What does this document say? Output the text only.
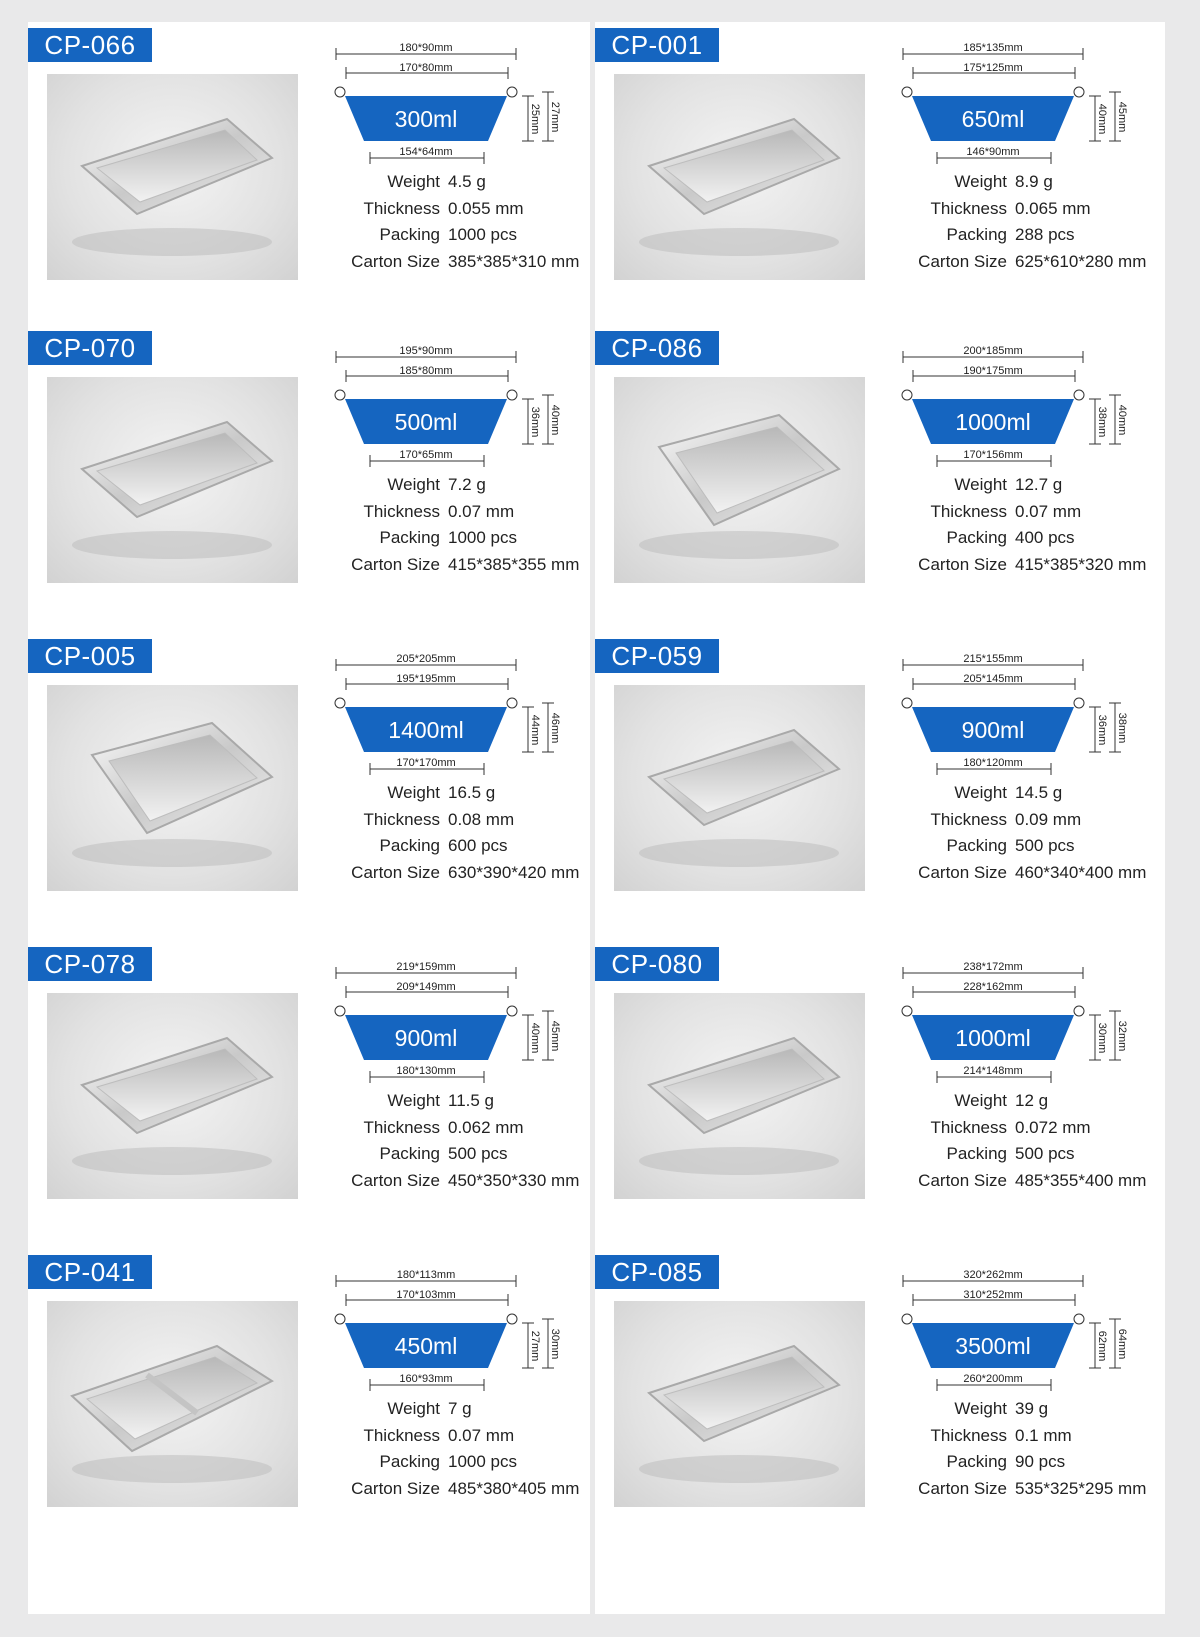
CP-066	180*90mm
170*80mm
300ml
154*64mm
25mm 27mm
Weight 4.5 g
Thickness 0.055 mm
Packing 1000 pcs
Carton Size 385*385*310 mm
CP-001	185*135mm
175*125mm
650ml
146*90mm
40mm 45mm
Weight 8.9 g
Thickness 0.065 mm
Packing 288 pcs
Carton Size 625*610*280 mm
CP-070	195*90mm
185*80mm
500ml
170*65mm
36mm 40mm
Weight 7.2 g
Thickness 0.07 mm
Packing 1000 pcs
Carton Size 415*385*355 mm
CP-086	200*185mm
190*175mm
1000ml
170*156mm
38mm 40mm
Weight 12.7 g
Thickness 0.07 mm
Packing 400 pcs
Carton Size 415*385*320 mm
CP-005	205*205mm
195*195mm
1400ml
170*170mm
44mm 46mm
Weight 16.5 g
Thickness 0.08 mm
Packing 600 pcs
Carton Size 630*390*420 mm
CP-059	215*155mm
205*145mm
900ml
180*120mm
36mm 38mm
Weight 14.5 g
Thickness 0.09 mm
Packing 500 pcs
Carton Size 460*340*400 mm
CP-078	219*159mm
209*149mm
900ml
180*130mm
40mm 45mm
Weight 11.5 g
Thickness 0.062 mm
Packing 500 pcs
Carton Size 450*350*330 mm
CP-080	238*172mm
228*162mm
1000ml
214*148mm
30mm 32mm
Weight 12 g
Thickness 0.072 mm
Packing 500 pcs
Carton Size 485*355*400 mm
CP-041	180*113mm
170*103mm
450ml
160*93mm
27mm 30mm
Weight 7 g
Thickness 0.07 mm
Packing 1000 pcs
Carton Size 485*380*405 mm
CP-085	320*262mm
310*252mm
3500ml
260*200mm
62mm 64mm
Weight 39 g
Thickness 0.1 mm
Packing 90 pcs
Carton Size 535*325*295 mm
